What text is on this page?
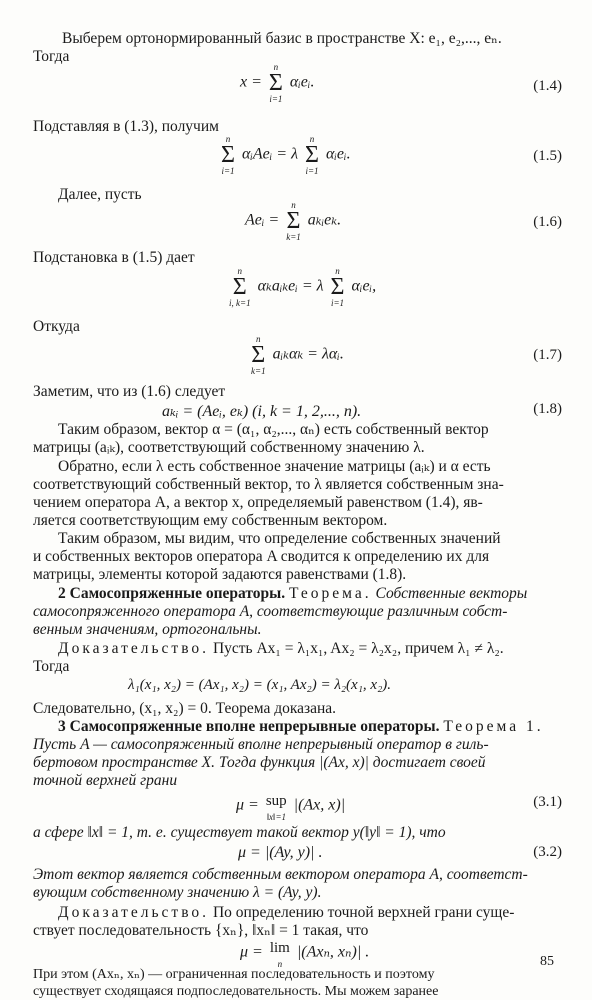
Выберем ортонормированный базис в пространстве X: e₁, e₂,..., eₙ.
Тогда
x =
n
Σ
i=1
αᵢeᵢ.	(1.4)
Подставляя в (1.3), получим
n
Σ
i=1
αᵢAeᵢ = λ
n
Σ
i=1
αᵢeᵢ.	(1.5)
Далее, пусть
Aeᵢ =
n
Σ
k=1
aₖᵢeₖ.	(1.6)
Подстановка в (1.5) дает
n
Σ
i, k=1
αₖaᵢₖeᵢ = λ
n
Σ
i=1
αᵢeᵢ,
Откуда
n
Σ
k=1
aᵢₖαₖ = λαᵢ.	(1.7)
Заметим, что из (1.6) следует
aₖᵢ = (Aeᵢ, eₖ) (i, k = 1, 2,..., n).	(1.8)
Таким образом, вектор α = (α₁, α₂,..., αₙ) есть собственный вектор
матрицы (aᵢₖ), соответствующий собственному значению λ.
Обратно, если λ есть собственное значение матрицы (aᵢₖ) и α есть
соответствующий собственный вектор, то λ является собственным зна-
чением оператора A, а вектор x, определяемый равенством (1.4), яв-
ляется соответствующим ему собственным вектором.
Таким образом, мы видим, что определение собственных значений
и собственных векторов оператора A сводится к определению их для
матрицы, элементы которой задаются равенствами (1.8).
2 Самосопряженные операторы. Теорема. Собственные векторы
самосопряженного оператора A, соответствующие различным собст-
венным значениям, ортогональны.
Доказательство. Пусть Ax₁ = λ₁x₁, Ax₂ = λ₂x₂, причем λ₁ ≠ λ₂.
Тогда
λ₁(x₁, x₂) = (Ax₁, x₂) = (x₁, Ax₂) = λ₂(x₁, x₂).
Следовательно, (x₁, x₂) = 0. Теорема доказана.
3 Самосопряженные вполне непрерывные операторы. Теорема 1.
Пусть A — самосопряженный вполне непрерывный оператор в гиль-
бертовом пространстве X. Тогда функция |(Ax, x)| достигает своей
точной верхней грани
μ = sup
‖x‖=1
|(Ax, x)|	(3.1)
а сфере ‖x‖ = 1, т. е. существует такой вектор y(‖y‖ = 1), что
μ = |(Ay, y)| .	(3.2)
Этот вектор является собственным вектором оператора A, соответст-
вующим собственному значению λ = (Ay, y).
Доказательство. По определению точной верхней грани суще-
ствует последовательность {xₙ}, ‖xₙ‖ = 1 такая, что
μ = lim
n
|(Axₙ, xₙ)| .
При этом (Axₙ, xₙ) — ограниченная последовательность и поэтому
существует сходящаяся подпоследовательность. Мы можем заранее
85
